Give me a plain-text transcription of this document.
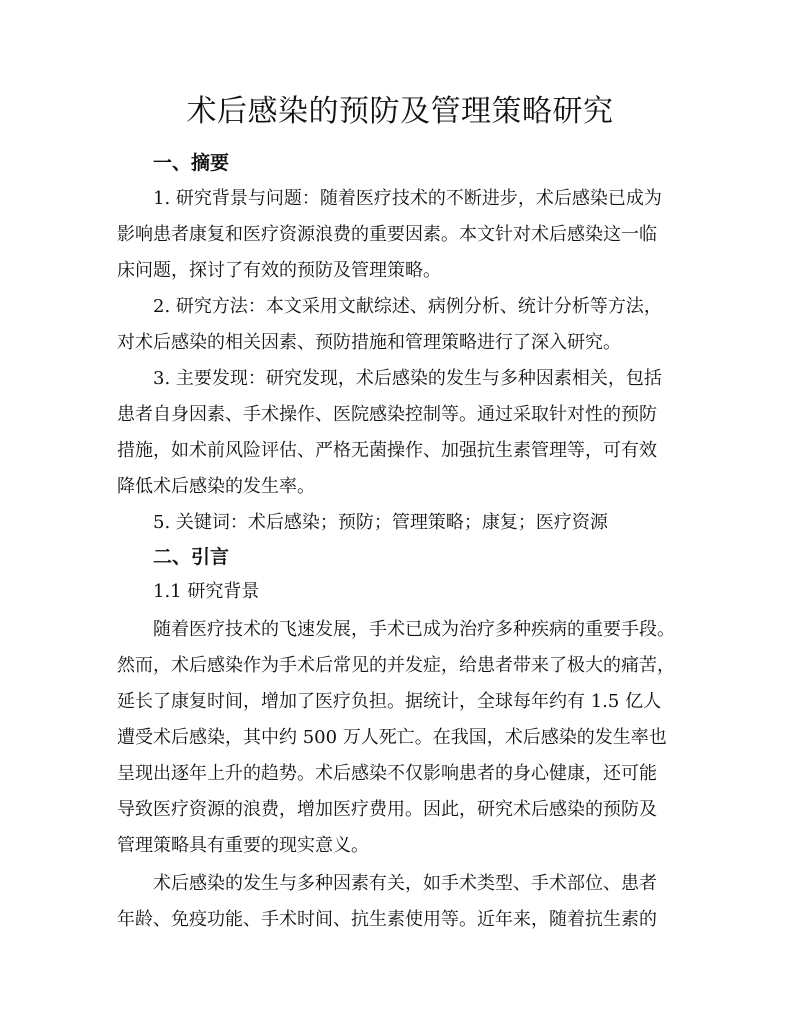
术后感染的预防及管理策略研究
一、摘要
1. 研究背景与问题：随着医疗技术的不断进步，术后感染已成为
影响患者康复和医疗资源浪费的重要因素。本文针对术后感染这一临
床问题，探讨了有效的预防及管理策略。
2. 研究方法：本文采用文献综述、病例分析、统计分析等方法，
对术后感染的相关因素、预防措施和管理策略进行了深入研究。
3. 主要发现：研究发现，术后感染的发生与多种因素相关，包括
患者自身因素、手术操作、医院感染控制等。通过采取针对性的预防
措施，如术前风险评估、严格无菌操作、加强抗生素管理等，可有效
降低术后感染的发生率。
5. 关键词：术后感染；预防；管理策略；康复；医疗资源
二、引言
1.1 研究背景
随着医疗技术的飞速发展，手术已成为治疗多种疾病的重要手段。
然而，术后感染作为手术后常见的并发症，给患者带来了极大的痛苦，
延长了康复时间，增加了医疗负担。据统计，全球每年约有 1.5 亿人
遭受术后感染，其中约 500 万人死亡。在我国，术后感染的发生率也
呈现出逐年上升的趋势。术后感染不仅影响患者的身心健康，还可能
导致医疗资源的浪费，增加医疗费用。因此，研究术后感染的预防及
管理策略具有重要的现实意义。
术后感染的发生与多种因素有关，如手术类型、手术部位、患者
年龄、免疫功能、手术时间、抗生素使用等。近年来，随着抗生素的
